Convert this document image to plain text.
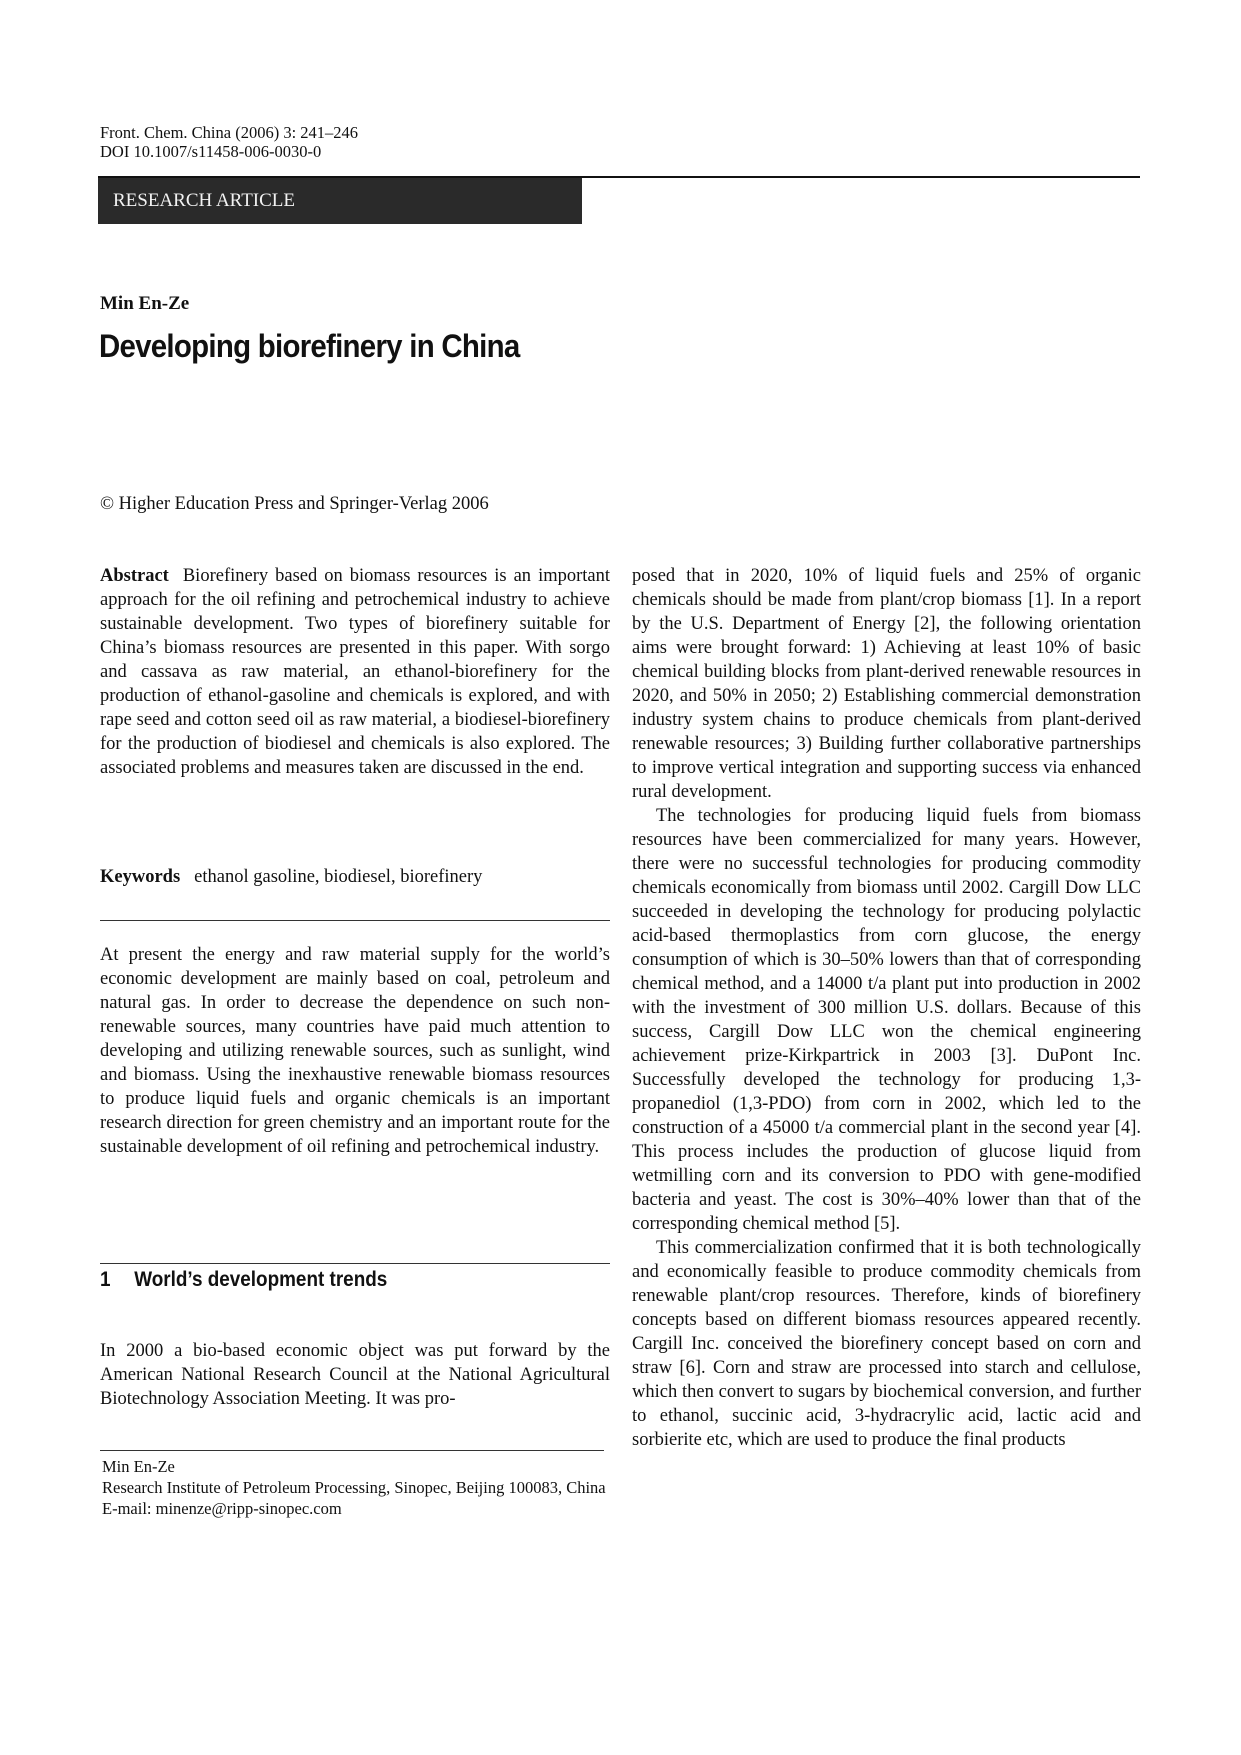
Front. Chem. China (2006) 3: 241–246
DOI 10.1007/s11458-006-0030-0
RESEARCH ARTICLE
Min En-Ze
Developing biorefinery in China
© Higher Education Press and Springer-Verlag 2006

Abstract Biorefinery based on biomass resources is an important approach for the oil refining and petrochemical industry to achieve sustainable development. Two types of biorefinery suitable for China’s biomass resources are presented in this paper. With sorgo and cassava as raw material, an ethanol-biorefinery for the production of ethanol-gasoline and chemicals is explored, and with rape seed and cotton seed oil as raw material, a biodiesel-biorefinery for the production of biodiesel and chemicals is also explored. The associated problems and measures taken are discussed in the end.

Keywords ethanol gasoline, biodiesel, biorefinery

At present the energy and raw material supply for the world’s economic development are mainly based on coal, petroleum and natural gas. In order to decrease the dependence on such non-renewable sources, many countries have paid much attention to developing and utilizing renewable sources, such as sunlight, wind and biomass. Using the inexhaustive renewable biomass resources to produce liquid fuels and organic chemicals is an important research direction for green chemistry and an important route for the sustainable development of oil refining and petrochemical industry.

1 World’s development trends

In 2000 a bio-based economic object was put forward by the American National Research Council at the National Agricultural Biotechnology Association Meeting. It was pro-

Min En-Ze
Research Institute of Petroleum Processing, Sinopec, Beijing 100083, China
E-mail: minenze@ripp-sinopec.com

posed that in 2020, 10% of liquid fuels and 25% of organic chemicals should be made from plant/crop biomass [1]. In a report by the U.S. Department of Energy [2], the following orientation aims were brought forward: 1) Achieving at least 10% of basic chemical building blocks from plant-derived renewable resources in 2020, and 50% in 2050; 2) Establishing commercial demonstration industry system chains to produce chemicals from plant-derived renewable resources; 3) Building further collaborative partnerships to improve vertical integration and supporting success via enhanced rural development.

The technologies for producing liquid fuels from biomass resources have been commercialized for many years. However, there were no successful technologies for producing commodity chemicals economically from biomass until 2002. Cargill Dow LLC succeeded in developing the technology for producing polylactic acid-based thermoplastics from corn glucose, the energy consumption of which is 30–50% lowers than that of corresponding chemical method, and a 14000 t/a plant put into production in 2002 with the investment of 300 million U.S. dollars. Because of this success, Cargill Dow LLC won the chemical engineering achievement prize-Kirkpartrick in 2003 [3]. DuPont Inc. Successfully developed the technology for producing 1,3-propanediol (1,3-PDO) from corn in 2002, which led to the construction of a 45000 t/a commercial plant in the second year [4]. This process includes the production of glucose liquid from wetmilling corn and its conversion to PDO with gene-modified bacteria and yeast. The cost is 30%–40% lower than that of the corresponding chemical method [5].

This commercialization confirmed that it is both technologically and economically feasible to produce commodity chemicals from renewable plant/crop resources. Therefore, kinds of biorefinery concepts based on different biomass resources appeared recently. Cargill Inc. conceived the biorefinery concept based on corn and straw [6]. Corn and straw are processed into starch and cellulose, which then convert to sugars by biochemical conversion, and further to ethanol, succinic acid, 3-hydracrylic acid, lactic acid and sorbierite etc, which are used to produce the final products
